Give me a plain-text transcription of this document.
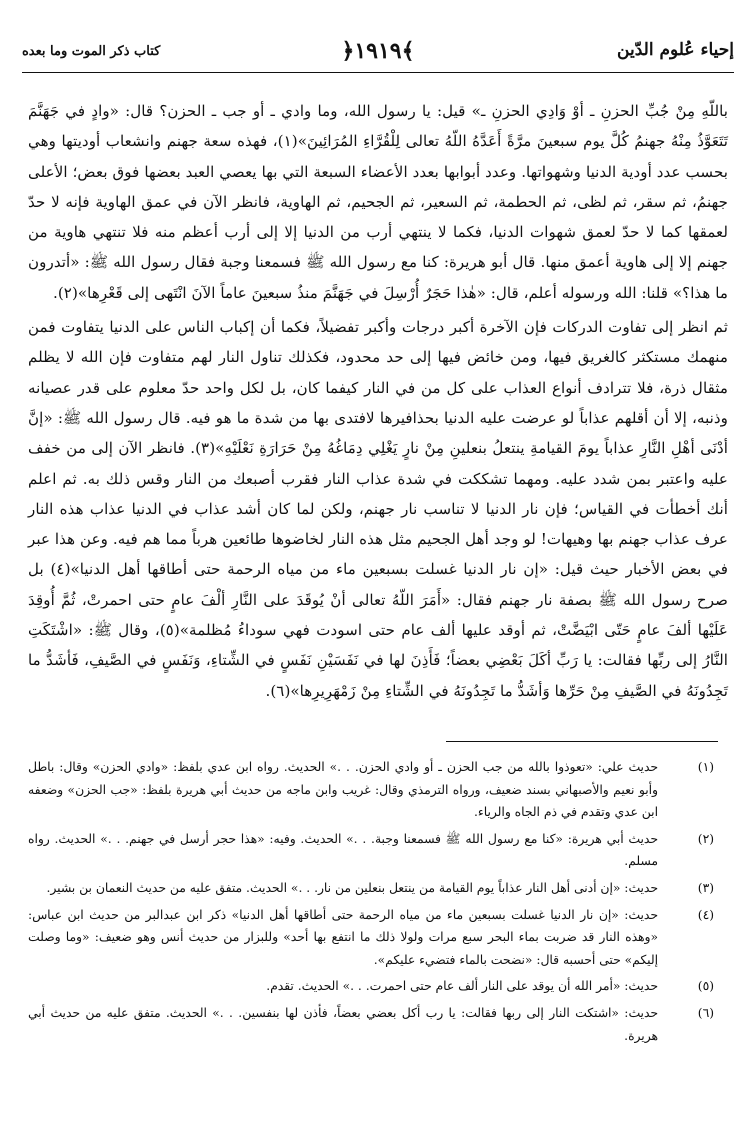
إحياء عُلوم الدّين
﴿١٩١٩﴾
كتاب ذكر الموت وما بعده

باللّهِ مِنْ جُبِّ الحزنِ ـ أوْ وَادِي الحزنِ ـ» قيل: يا رسول الله، وما وادي ـ أو جب ـ الحزن؟ قال: «وادٍ في جَهَنَّمَ تَتَعَوَّذُ مِنْهُ جهنمُ كُلَّ يوم سبعينَ مرَّةً أَعَدَّهُ اللّهُ تعالى لِلْقُرَّاءِ المُرَائِينَ»(١)، فهذه سعة جهنم وانشعاب أوديتها وهي بحسب عدد أودية الدنيا وشهواتها. وعدد أبوابها بعدد الأعضاء السبعة التي بها يعصي العبد بعضها فوق بعض؛ الأعلى جهنمُ، ثم سقر، ثم لظى، ثم الحطمة، ثم السعير، ثم الجحيم، ثم الهاوية، فانظر الآن في عمق الهاوية فإنه لا حدّ لعمقها كما لا حدّ لعمق شهوات الدنيا، فكما لا ينتهي أرب من الدنيا إلا إلى أرب أعظم منه فلا تنتهي هاوية من جهنم إلا إلى هاوية أعمق منها. قال أبو هريرة: كنا مع رسول الله ﷺ فسمعنا وجبة فقال رسول الله ﷺ: «أتدرون ما هذا؟» قلنا: الله ورسوله أعلم، قال: «هٰذا حَجَرٌ أُرْسِلَ في جَهَنَّمَ منذُ سبعينَ عاماً الآنَ انْتَهى إلى قَعْرِها»(٢).

ثم انظر إلى تفاوت الدركات فإن الآخرة أكبر درجات وأكبر تفضيلاً، فكما أن إكباب الناس على الدنيا يتفاوت فمن منهمك مستكثر كالغريق فيها، ومن خائض فيها إلى حد محدود، فكذلك تناول النار لهم متفاوت فإن الله لا يظلم مثقال ذرة، فلا تترادف أنواع العذاب على كل من في النار كيفما كان، بل لكل واحد حدّ معلوم على قدر عصيانه وذنبه، إلا أن أقلهم عذاباً لو عرضت عليه الدنيا بحذافيرها لافتدى بها من شدة ما هو فيه. قال رسول الله ﷺ: «إنَّ أدْنَى أهْلِ النَّارِ عذاباً يومَ القيامةِ ينتعلُ بنعلينِ مِنْ نارٍ يَغْلِي دِمَاغُهُ مِنْ حَرَارَةِ نَعْلَيْهِ»(٣). فانظر الآن إلى من خفف عليه واعتبر بمن شدد عليه. ومهما تشككت في شدة عذاب النار فقرب أصبعك من النار وقس ذلك به. ثم اعلم أنك أخطأت في القياس؛ فإن نار الدنيا لا تناسب نار جهنم، ولكن لما كان أشد عذاب في الدنيا عذاب هذه النار عرف عذاب جهنم بها وهيهات! لو وجد أهل الجحيم مثل هذه النار لخاضوها طائعين هرباً مما هم فيه. وعن هذا عبر في بعض الأخبار حيث قيل: «إن نار الدنيا غسلت بسبعين ماء من مياه الرحمة حتى أطاقها أهل الدنيا»(٤) بل صرح رسول الله ﷺ بصفة نار جهنم فقال: «أَمَرَ اللّهُ تعالى أنْ يُوقَدَ على النَّارِ ألْفَ عامٍ حتى احمرتْ، ثُمَّ أُوقِدَ عَلَيْها ألفَ عامٍ حَتّى ابْيَضَّتْ، ثم أوقد عليها ألف عام حتى اسودت فهي سوداءُ مُظلمة»(٥)، وقال ﷺ: «اشْتَكَتِ النَّارُ إلى ربِّها فقالت: يا رَبِّ أكَلَ بَعْضِي بعضاً؛ فَأَذِنَ لها في نَفَسَيْنِ نَفَسٍ في الشِّتاءِ، وَنَفَسٍ في الصَّيفِ، فَأشَدُّ ما تَجِدُونَهُ في الصَّيفِ مِنْ حَرِّها وَأشَدُّ ما تَجِدُونَهُ في الشِّتاءِ مِنْ زَمْهَرِيرِها»(٦).

(١)
حديث علي: «تعوذوا بالله من جب الحزن ـ أو وادي الحزن. . .» الحديث. رواه ابن عدي بلفظ: «وادي الحزن» وقال: باطل وأبو نعيم والأصبهاني بسند ضعيف، ورواه الترمذي وقال: غريب وابن ماجه من حديث أبي هريرة بلفظ: «جب الحزن» وضعفه ابن عدي وتقدم في ذم الجاه والرياء.
(٢)
حديث أبي هريرة: «كنا مع رسول الله ﷺ فسمعنا وجبة. . .» الحديث. وفيه: «هذا حجر أرسل في جهنم. . .» الحديث. رواه مسلم.
(٣)
حديث: «إن أدنى أهل النار عذاباً يوم القيامة من ينتعل بنعلين من نار. . .» الحديث. متفق عليه من حديث النعمان بن بشير.
(٤)
حديث: «إن نار الدنيا غسلت بسبعين ماء من مياه الرحمة حتى أطاقها أهل الدنيا» ذكر ابن عبدالبر من حديث ابن عباس: «وهذه النار قد ضربت بماء البحر سبع مرات ولولا ذلك ما انتفع بها أحد» وللبزار من حديث أنس وهو ضعيف: «وما وصلت إليكم» حتى أحسبه قال: «نضحت بالماء فتضيء عليكم».
(٥)
حديث: «أمر الله أن يوقد على النار ألف عام حتى احمرت. . .» الحديث. تقدم.
(٦)
حديث: «اشتكت النار إلى ربها فقالت: يا رب أكل بعضي بعضاً، فأذن لها بنفسين. . .» الحديث. متفق عليه من حديث أبي هريرة.
